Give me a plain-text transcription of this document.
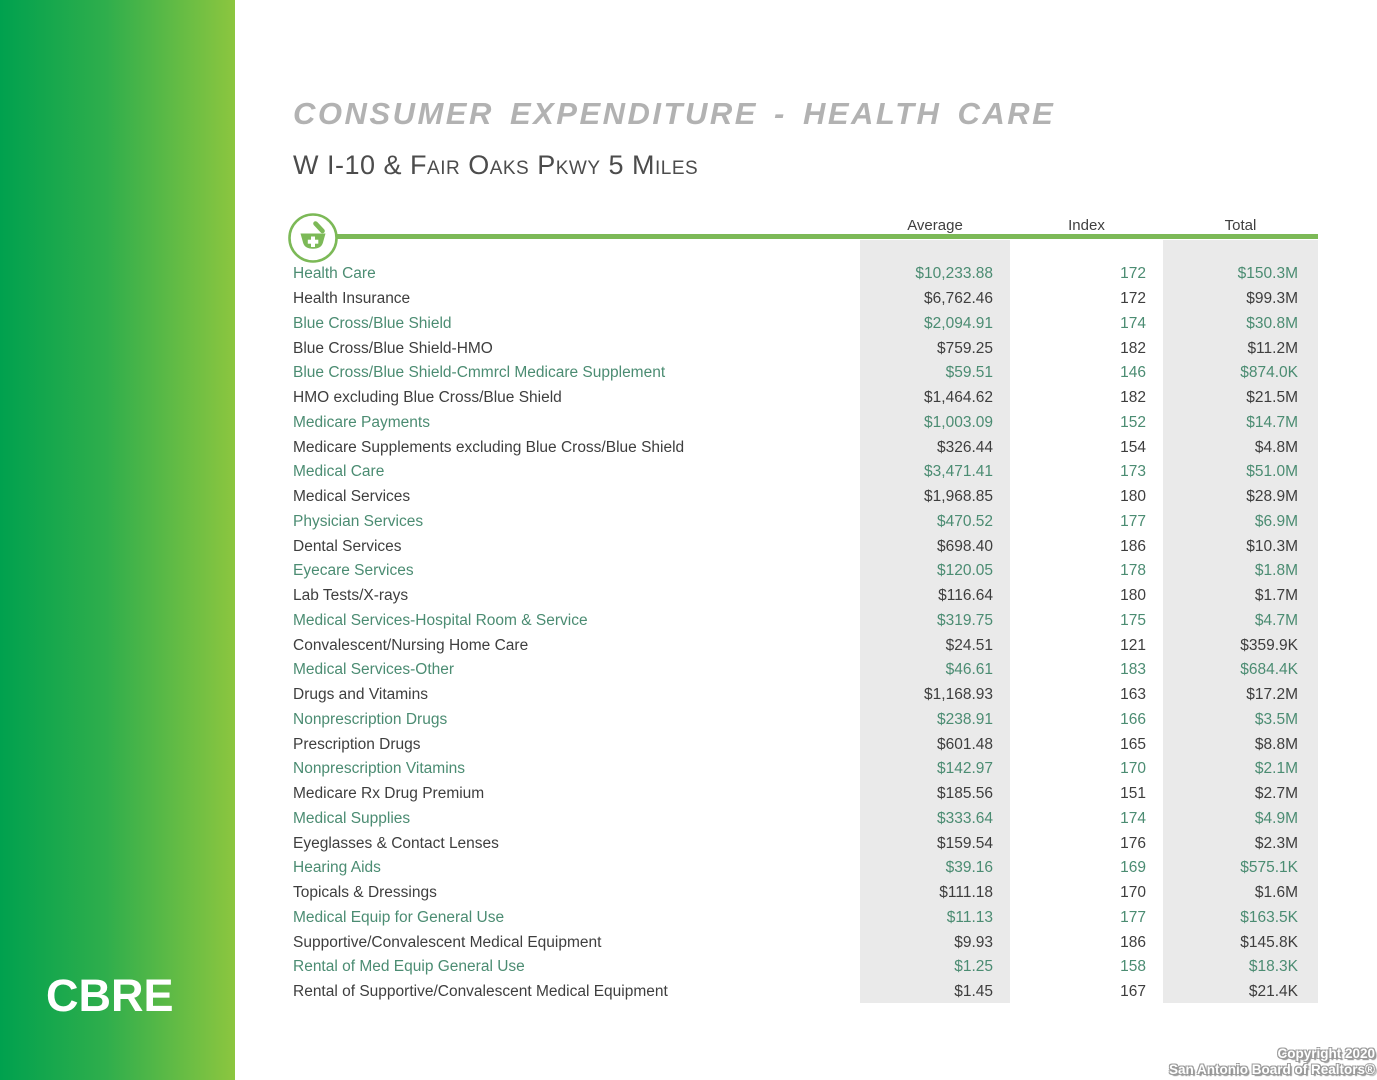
CBRE
CONSUMER EXPENDITURE - HEALTH CARE
W I-10 & Fair Oaks Pkwy 5 Miles
Average	Index	Total
Health Care	$10,233.88	172	$150.3M
Health Insurance	$6,762.46	172	$99.3M
Blue Cross/Blue Shield	$2,094.91	174	$30.8M
Blue Cross/Blue Shield-HMO	$759.25	182	$11.2M
Blue Cross/Blue Shield-Cmmrcl Medicare Supplement	$59.51	146	$874.0K
HMO excluding Blue Cross/Blue Shield	$1,464.62	182	$21.5M
Medicare Payments	$1,003.09	152	$14.7M
Medicare Supplements excluding Blue Cross/Blue Shield	$326.44	154	$4.8M
Medical Care	$3,471.41	173	$51.0M
Medical Services	$1,968.85	180	$28.9M
Physician Services	$470.52	177	$6.9M
Dental Services	$698.40	186	$10.3M
Eyecare Services	$120.05	178	$1.8M
Lab Tests/X-rays	$116.64	180	$1.7M
Medical Services-Hospital Room & Service	$319.75	175	$4.7M
Convalescent/Nursing Home Care	$24.51	121	$359.9K
Medical Services-Other	$46.61	183	$684.4K
Drugs and Vitamins	$1,168.93	163	$17.2M
Nonprescription Drugs	$238.91	166	$3.5M
Prescription Drugs	$601.48	165	$8.8M
Nonprescription Vitamins	$142.97	170	$2.1M
Medicare Rx Drug Premium	$185.56	151	$2.7M
Medical Supplies	$333.64	174	$4.9M
Eyeglasses & Contact Lenses	$159.54	176	$2.3M
Hearing Aids	$39.16	169	$575.1K
Topicals & Dressings	$111.18	170	$1.6M
Medical Equip for General Use	$11.13	177	$163.5K
Supportive/Convalescent Medical Equipment	$9.93	186	$145.8K
Rental of Med Equip General Use	$1.25	158	$18.3K
Rental of Supportive/Convalescent Medical Equipment	$1.45	167	$21.4K
Copyright 2020
San Antonio Board of Realtors®
